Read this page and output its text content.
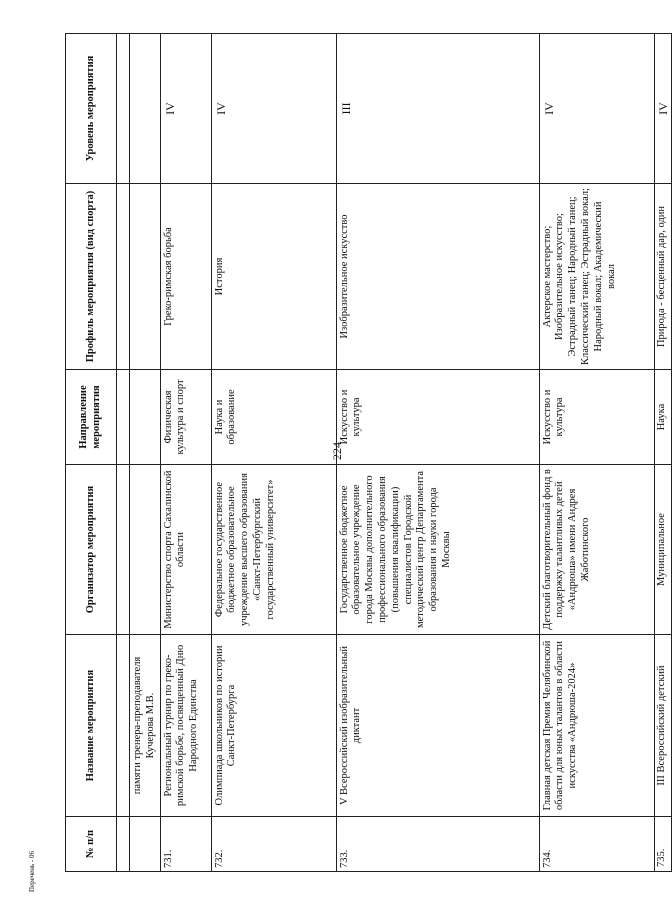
224
№ п/п	Название мероприятия	Организатор мероприятия	Направление мероприятия	Профиль мероприятия (вид спорта)	Уровень мероприятия

	памяти тренера-преподавателя Кучерова М.В.				
731.	Региональный турнир по греко-римской борьбе, посвященный Дню Народного Единства	Министерство спорта Сахалинской области	Физическая культура и спорт	Греко-римская борьба	IV
732.	Олимпиада школьников по истории Санкт-Петербурга	Федеральное государственное бюджетное образовательное учреждение высшего образования «Санкт-Петербургский государственный университет»	Наука и образование	История	IV
733.	V Всероссийский изобразительный диктант	Государственное бюджетное образовательное учреждение города Москвы дополнительного профессионального образования (повышения квалификации) специалистов Городской методический центр Департамента образования и науки города Москвы	Искусство и культура	Изобразительное искусство	III
734.	Главная детская Премия Челябинской области для юных талантов в области искусства «Андрюша-2024»	Детский благотворительный фонд в поддержку талантливых детей «Андрюша» имени Андрея Жаботинского	Искусство и культура	Актерское мастерство; Изобразительное искусство; Эстрадный танец; Народный танец; Классический танец; Эстрадный вокал; Народный вокал; Академический вокал	IV
735.	III Всероссийский детский	Муниципальное	Наука	Природа - бесценный дар, один	IV
Перечень - 06
